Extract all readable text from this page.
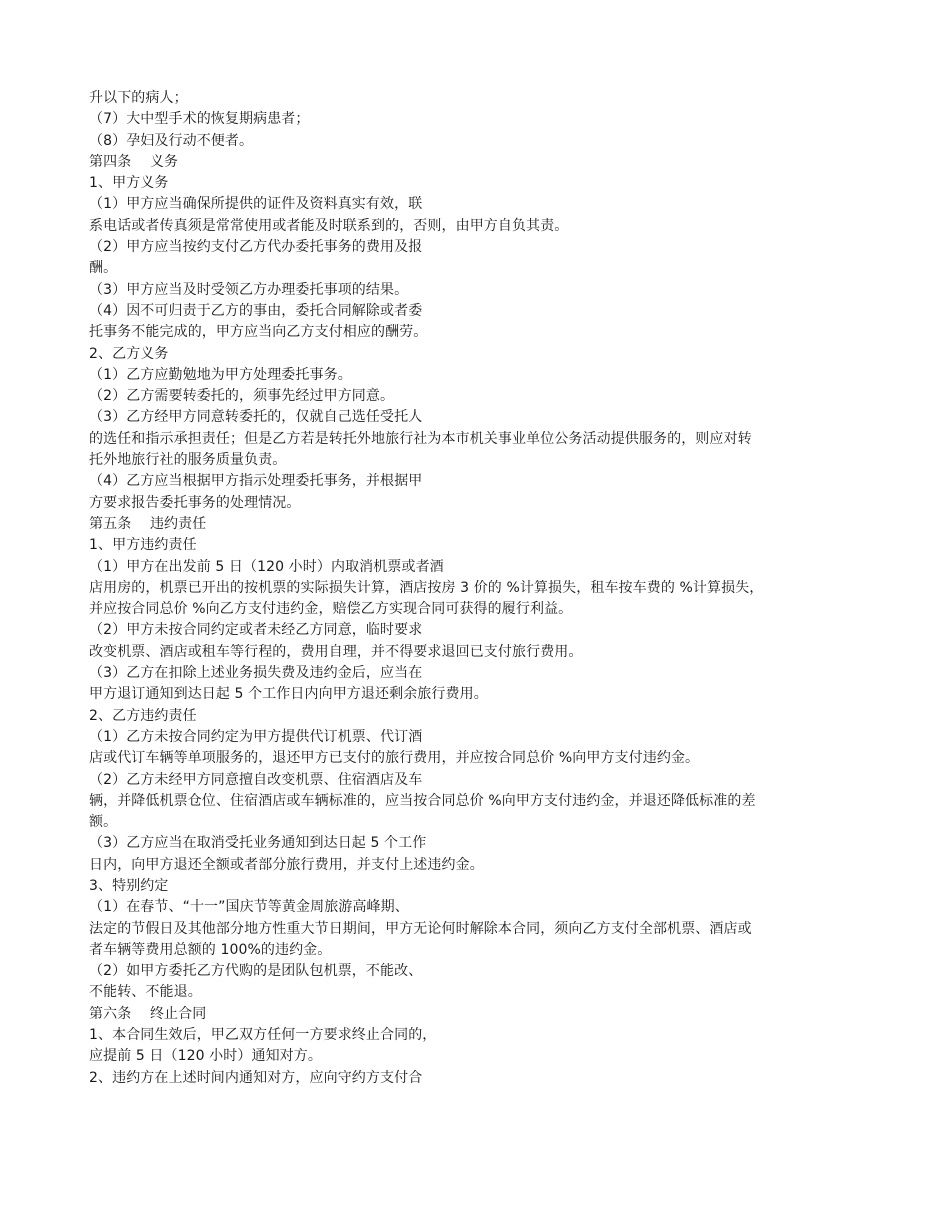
升以下的病人；
（7）大中型手术的恢复期病患者；
（8）孕妇及行动不便者。
第四条　 义务
1、甲方义务
（1）甲方应当确保所提供的证件及资料真实有效，联
系电话或者传真须是常常使用或者能及时联系到的，否则，由甲方自负其责。
（2）甲方应当按约支付乙方代办委托事务的费用及报
酬。
（3）甲方应当及时受领乙方办理委托事项的结果。
（4）因不可归责于乙方的事由，委托合同解除或者委
托事务不能完成的，甲方应当向乙方支付相应的酬劳。
2、乙方义务
（1）乙方应勤勉地为甲方处理委托事务。
（2）乙方需要转委托的，须事先经过甲方同意。
（3）乙方经甲方同意转委托的，仅就自己选任受托人
的选任和指示承担责任；但是乙方若是转托外地旅行社为本市机关事业单位公务活动提供服务的，则应对转
托外地旅行社的服务质量负责。
（4）乙方应当根据甲方指示处理委托事务，并根据甲
方要求报告委托事务的处理情况。
第五条　 违约责任
1、甲方违约责任
（1）甲方在出发前 5 日（120 小时）内取消机票或者酒
店用房的，机票已开出的按机票的实际损失计算，酒店按房 3 价的 %计算损失，租车按车费的 %计算损失，
并应按合同总价 %向乙方支付违约金，赔偿乙方实现合同可获得的履行利益。
（2）甲方未按合同约定或者未经乙方同意，临时要求
改变机票、酒店或租车等行程的，费用自理，并不得要求退回已支付旅行费用。
（3）乙方在扣除上述业务损失费及违约金后，应当在
甲方退订通知到达日起 5 个工作日内向甲方退还剩余旅行费用。
2、乙方违约责任
（1）乙方未按合同约定为甲方提供代订机票、代订酒
店或代订车辆等单项服务的，退还甲方已支付的旅行费用，并应按合同总价 %向甲方支付违约金。
（2）乙方未经甲方同意擅自改变机票、住宿酒店及车
辆，并降低机票仓位、住宿酒店或车辆标准的，应当按合同总价 %向甲方支付违约金，并退还降低标准的差
额。
（3）乙方应当在取消受托业务通知到达日起 5 个工作
日内，向甲方退还全额或者部分旅行费用，并支付上述违约金。
3、特别约定
（1）在春节、“十一”国庆节等黄金周旅游高峰期、
法定的节假日及其他部分地方性重大节日期间，甲方无论何时解除本合同，须向乙方支付全部机票、酒店或
者车辆等费用总额的 100%的违约金。
（2）如甲方委托乙方代购的是团队包机票，不能改、
不能转、不能退。
第六条　 终止合同
1、本合同生效后，甲乙双方任何一方要求终止合同的，
应提前 5 日（120 小时）通知对方。
2、违约方在上述时间内通知对方，应向守约方支付合
